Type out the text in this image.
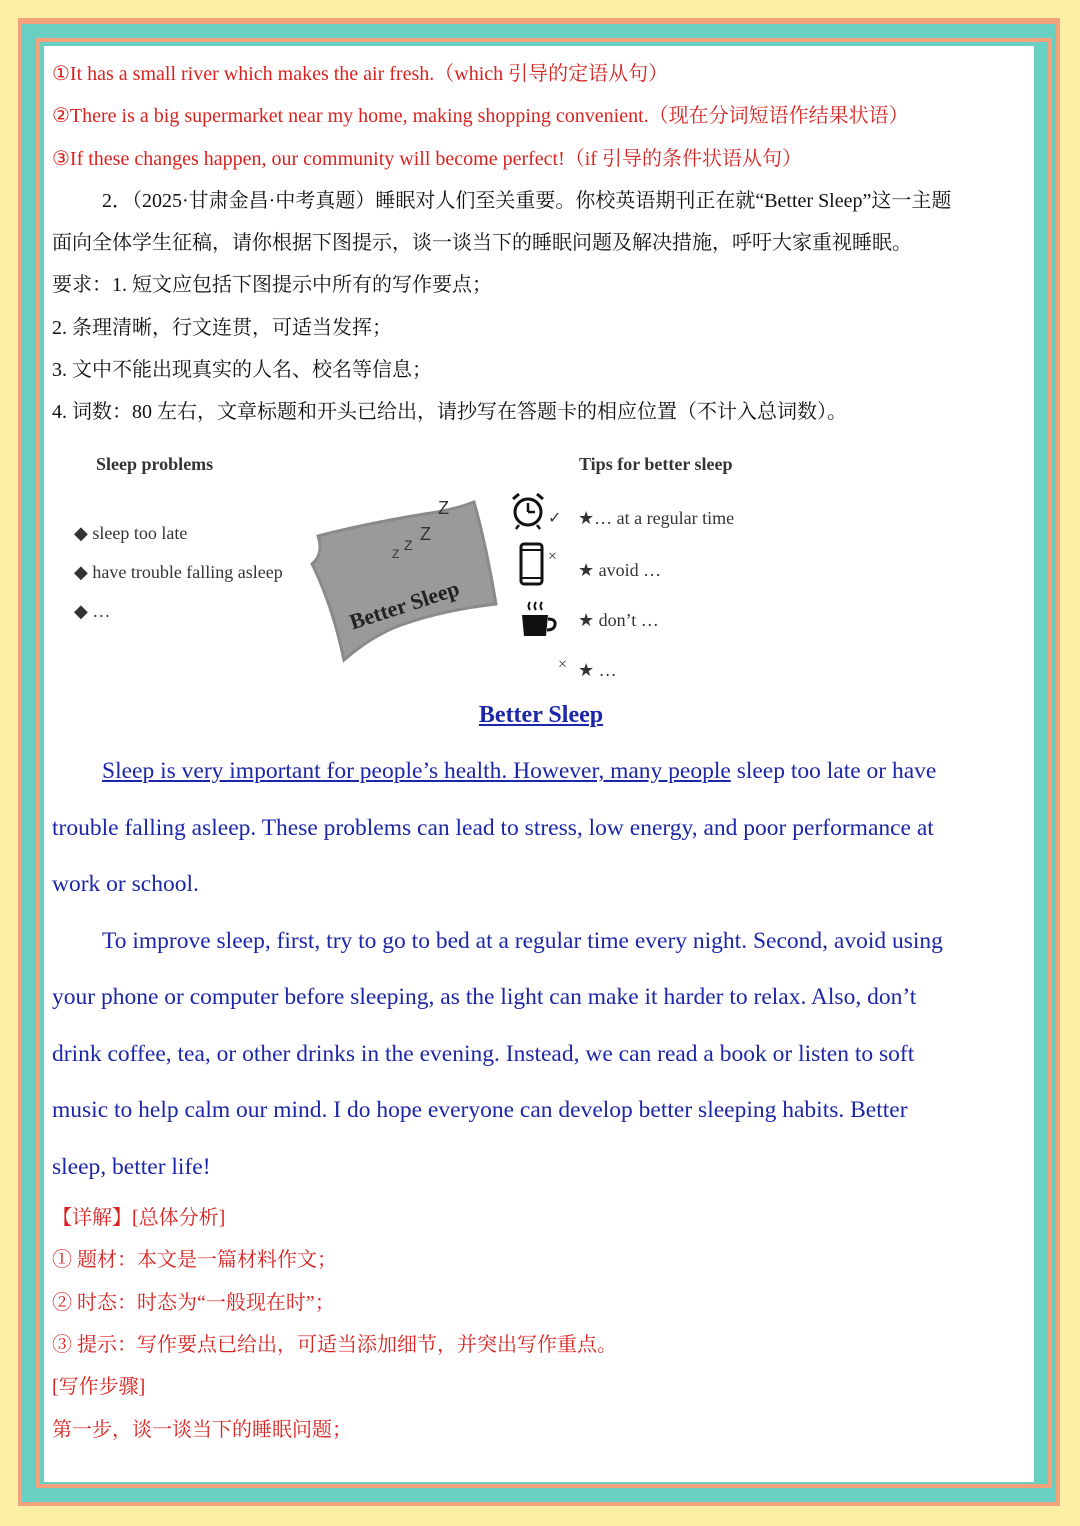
①It has a small river which makes the air fresh.（which 引导的定语从句）
②There is a big supermarket near my home, making shopping convenient.（现在分词短语作结果状语）
③If these changes happen, our community will become perfect!（if 引导的条件状语从句）
2．（2025·甘肃金昌·中考真题）睡眠对人们至关重要。你校英语期刊正在就“Better Sleep”这一主题
面向全体学生征稿，请你根据下图提示，谈一谈当下的睡眠问题及解决措施，呼吁大家重视睡眠。
要求：1. 短文应包括下图提示中所有的写作要点；
2. 条理清晰，行文连贯，可适当发挥；
3. 文中不能出现真实的人名、校名等信息；
4. 词数：80 左右，文章标题和开头已给出，请抄写在答题卡的相应位置（不计入总词数）。
Sleep problems
◆ sleep too late
◆ have trouble falling asleep
◆ …	Better Sleep
Z
Z
Z
Z
Tips for better sleep
✓ ★… at a regular time
×
★ avoid …
×
★ don’t …
★ …
Better Sleep
Sleep is very important for people’s health. However, many people sleep too late or have
trouble falling asleep. These problems can lead to stress, low energy, and poor performance at
work or school.
To improve sleep, first, try to go to bed at a regular time every night. Second, avoid using
your phone or computer before sleeping, as the light can make it harder to relax. Also, don’t
drink coffee, tea, or other drinks in the evening. Instead, we can read a book or listen to soft
music to help calm our mind. I do hope everyone can develop better sleeping habits. Better
sleep, better life!
【详解】[总体分析]
① 题材：本文是一篇材料作文；
② 时态：时态为“一般现在时”；
③ 提示：写作要点已给出，可适当添加细节，并突出写作重点。
[写作步骤]
第一步，谈一谈当下的睡眠问题；
